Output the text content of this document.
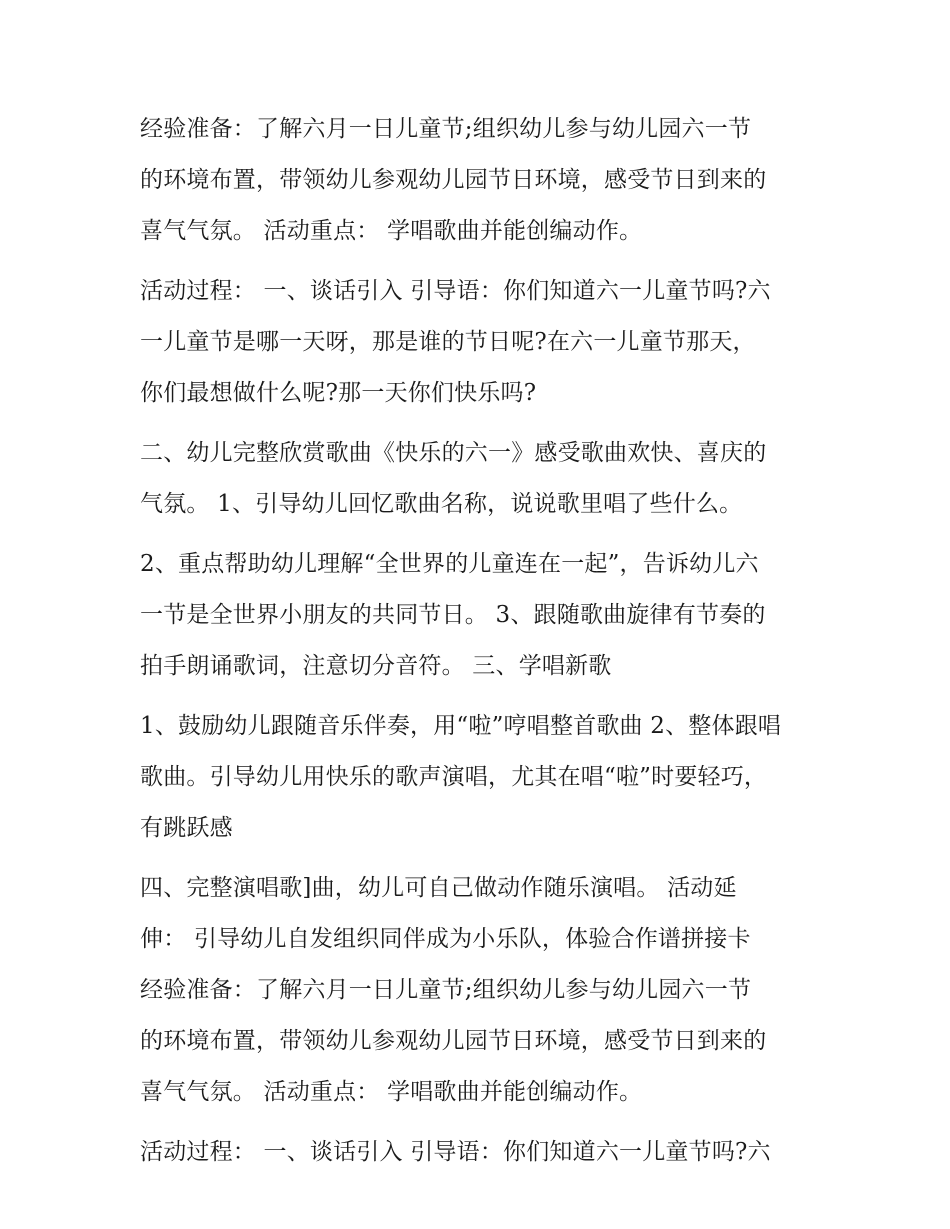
经验准备：了解六月一日儿童节;组织幼儿参与幼儿园六一节
的环境布置，带领幼儿参观幼儿园节日环境，感受节日到来的
喜气气氛。 活动重点： 学唱歌曲并能创编动作。
活动过程： 一、谈话引入 引导语：你们知道六一儿童节吗?六
一儿童节是哪一天呀，那是谁的节日呢?在六一儿童节那天，
你们最想做什么呢?那一天你们快乐吗?
二、幼儿完整欣赏歌曲《快乐的六一》感受歌曲欢快、喜庆的
气氛。 1、引导幼儿回忆歌曲名称，说说歌里唱了些什么。
2、重点帮助幼儿理解“全世界的儿童连在一起”，告诉幼儿六
一节是全世界小朋友的共同节日。 3、跟随歌曲旋律有节奏的
拍手朗诵歌词，注意切分音符。 三、学唱新歌
1、鼓励幼儿跟随音乐伴奏，用“啦”哼唱整首歌曲 2、整体跟唱
歌曲。引导幼儿用快乐的歌声演唱，尤其在唱“啦”时要轻巧，
有跳跃感
四、完整演唱歌]曲，幼儿可自己做动作随乐演唱。 活动延
伸： 引导幼儿自发组织同伴成为小乐队，体验合作谱拼接卡
经验准备：了解六月一日儿童节;组织幼儿参与幼儿园六一节
的环境布置，带领幼儿参观幼儿园节日环境，感受节日到来的
喜气气氛。 活动重点： 学唱歌曲并能创编动作。
活动过程： 一、谈话引入 引导语：你们知道六一儿童节吗?六
